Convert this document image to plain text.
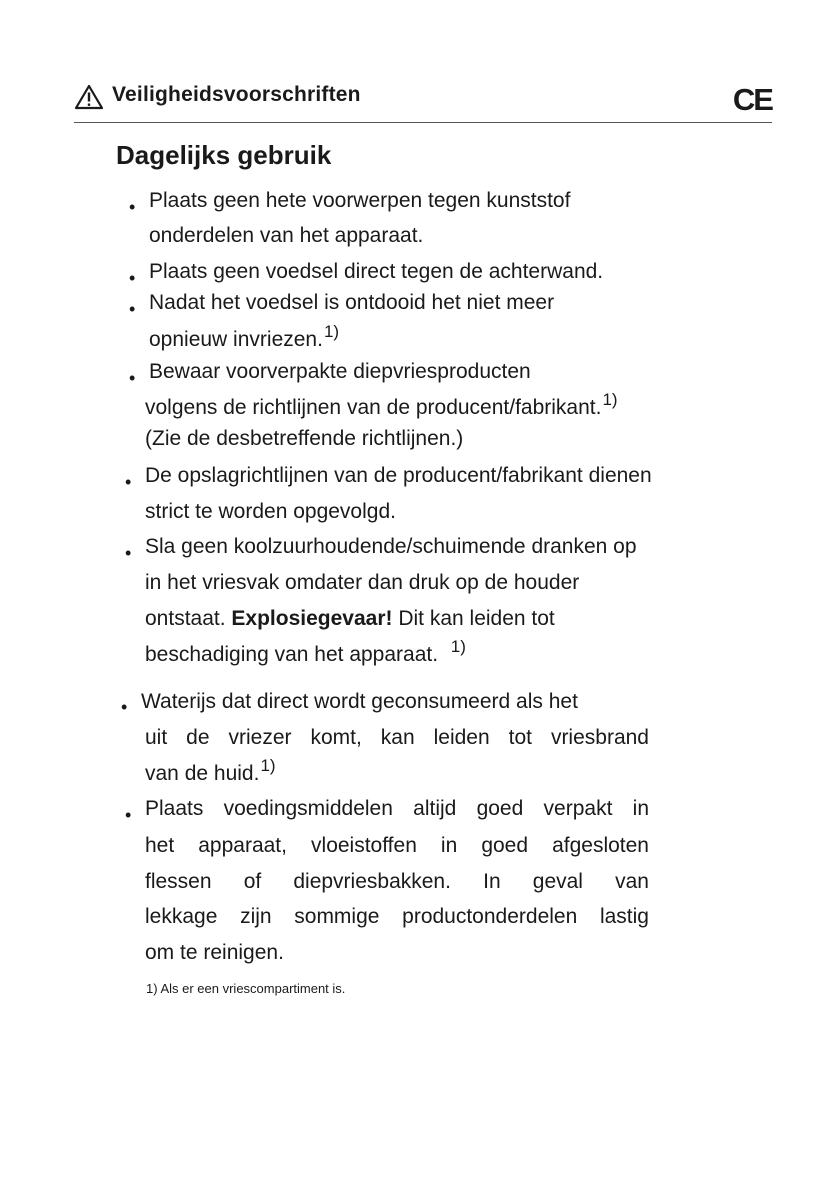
Veiligheidsvoorschriften	CE
Dagelijks gebruik
• Plaats geen hete voorwerpen tegen kunststof
onderdelen van het apparaat.
• Plaats geen voedsel direct tegen de achterwand.
• Nadat het voedsel is ontdooid het niet meer
opnieuw invriezen.$^{1)}$
• Bewaar voorverpakte diepvriesproducten
volgens de richtlijnen van de producent/fabrikant.$^{1)}$
(Zie de desbetreffende richtlijnen.)
• De opslagrichtlijnen van de producent/fabrikant dienen
strict te worden opgevolgd.
• Sla geen koolzuurhoudende/schuimende dranken op
in het vriesvak omdater dan druk op de houder
ontstaat. Explosiegevaar! Dit kan leiden tot
beschadiging van het apparaat. $^{1)}$
• Waterijs dat direct wordt geconsumeerd als het
uit de vriezer komt, kan leiden tot vriesbrand
van de huid.$^{1)}$
• Plaats voedingsmiddelen altijd goed verpakt in
het apparaat, vloeistoffen in goed afgesloten
flessen of diepvriesbakken. In geval van
lekkage zijn sommige productonderdelen lastig
om te reinigen.
1) Als er een vriescompartiment is.
